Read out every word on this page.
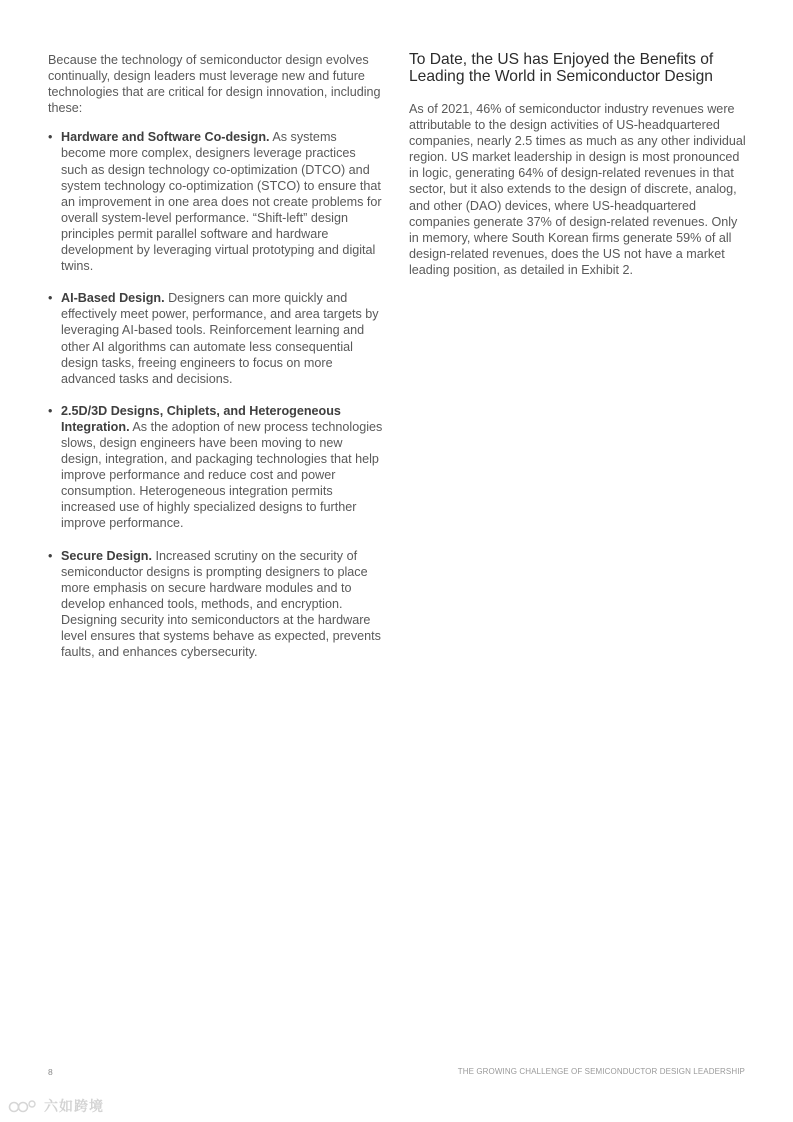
Because the technology of semiconductor design evolves continually, design leaders must leverage new and future technologies that are critical for design innovation, including these:

• Hardware and Software Co-design. As systems become more complex, designers leverage practices such as design technology co-optimization (DTCO) and system technology co-optimization (STCO) to ensure that an improvement in one area does not create problems for overall system-level performance. “Shift-left” design principles permit parallel software and hardware development by leveraging virtual prototyping and digital twins.
• AI-Based Design. Designers can more quickly and effectively meet power, performance, and area targets by leveraging AI-based tools. Reinforcement learning and other AI algorithms can automate less consequential design tasks, freeing engineers to focus on more advanced tasks and decisions.
• 2.5D/3D Designs, Chiplets, and Heterogeneous Integration. As the adoption of new process technologies slows, design engineers have been moving to new design, integration, and packaging technologies that help improve performance and reduce cost and power consumption. Heterogeneous integration permits increased use of highly specialized designs to further improve performance.
• Secure Design. Increased scrutiny on the security of semiconductor designs is prompting designers to place more emphasis on secure hardware modules and to develop enhanced tools, methods, and encryption. Designing security into semiconductors at the hardware level ensures that systems behave as expected, prevents faults, and enhances cybersecurity.
To Date, the US has Enjoyed the Benefits of Leading the World in Semiconductor Design

As of 2021, 46% of semiconductor industry revenues were attributable to the design activities of US-headquartered companies, nearly 2.5 times as much as any other individual region. US market leadership in design is most pronounced in logic, generating 64% of design-related revenues in that sector, but it also extends to the design of discrete, analog, and other (DAO) devices, where US-headquartered companies generate 37% of design-related revenues. Only in memory, where South Korean firms generate 59% of all design-related revenues, does the US not have a market leading position, as detailed in Exhibit 2.

8	THE GROWING CHALLENGE OF SEMICONDUCTOR DESIGN LEADERSHIP
六如跨境
